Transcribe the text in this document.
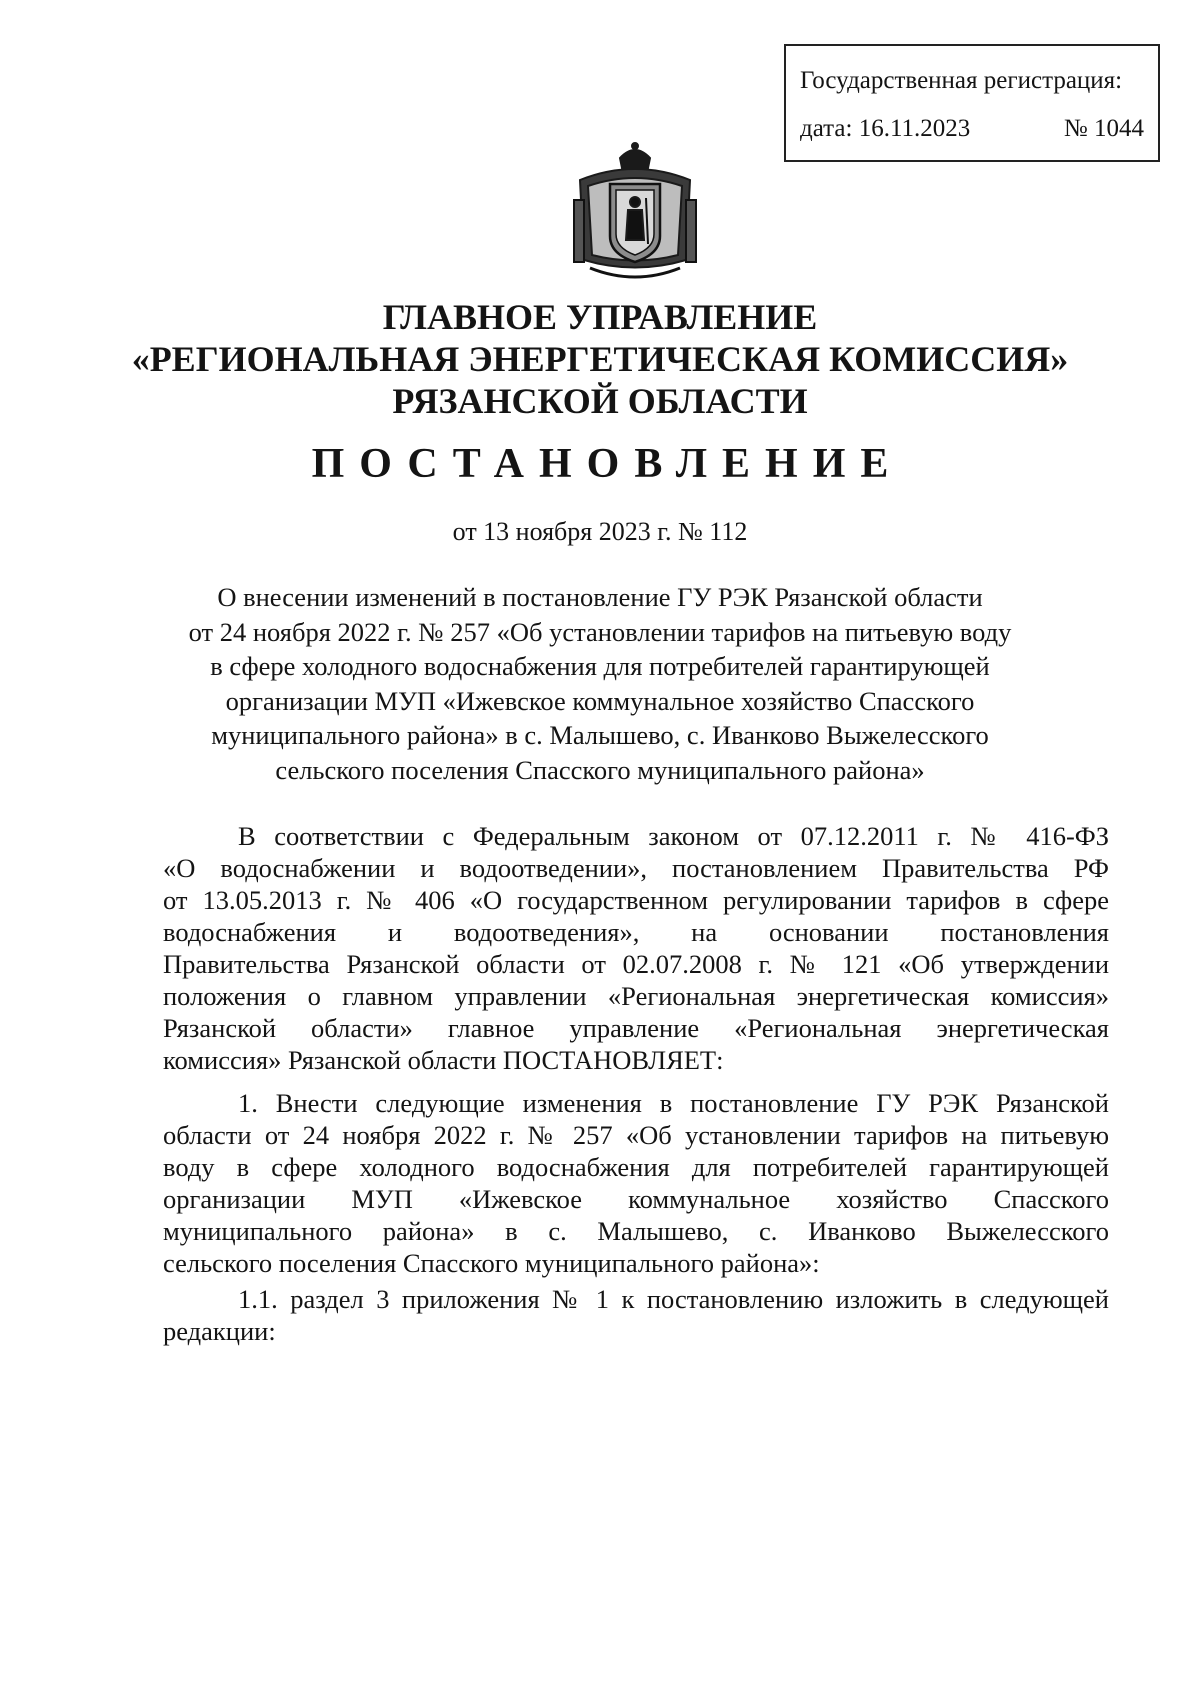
Государственная регистрация:
дата: 16.11.2023	№ 1044
ГЛАВНОЕ УПРАВЛЕНИЕ
«РЕГИОНАЛЬНАЯ ЭНЕРГЕТИЧЕСКАЯ КОМИССИЯ»
РЯЗАНСКОЙ ОБЛАСТИ
ПОСТАНОВЛЕНИЕ
от 13 ноября 2023 г. № 112
О внесении изменений в постановление ГУ РЭК Рязанской области
от 24 ноября 2022 г. № 257 «Об установлении тарифов на питьевую воду
в сфере холодного водоснабжения для потребителей гарантирующей
организации МУП «Ижевское коммунальное хозяйство Спасского
муниципального района» в с. Малышево, с. Иванково Выжелесского
сельского поселения Спасского муниципального района»
В соответствии с Федеральным законом от 07.12.2011 г. № 416-ФЗ
«О водоснабжении и водоотведении», постановлением Правительства РФ
от 13.05.2013 г. № 406 «О государственном регулировании тарифов в сфере
водоснабжения и водоотведения», на основании постановления
Правительства Рязанской области от 02.07.2008 г. № 121 «Об утверждении
положения о главном управлении «Региональная энергетическая комиссия»
Рязанской области» главное управление «Региональная энергетическая
комиссия» Рязанской области ПОСТАНОВЛЯЕТ:
1. Внести следующие изменения в постановление ГУ РЭК Рязанской
области от 24 ноября 2022 г. № 257 «Об установлении тарифов на питьевую
воду в сфере холодного водоснабжения для потребителей гарантирующей
организации МУП «Ижевское коммунальное хозяйство Спасского
муниципального района» в с. Малышево, с. Иванково Выжелесского
сельского поселения Спасского муниципального района»:
1.1. раздел 3 приложения № 1 к постановлению изложить в следующей
редакции:
